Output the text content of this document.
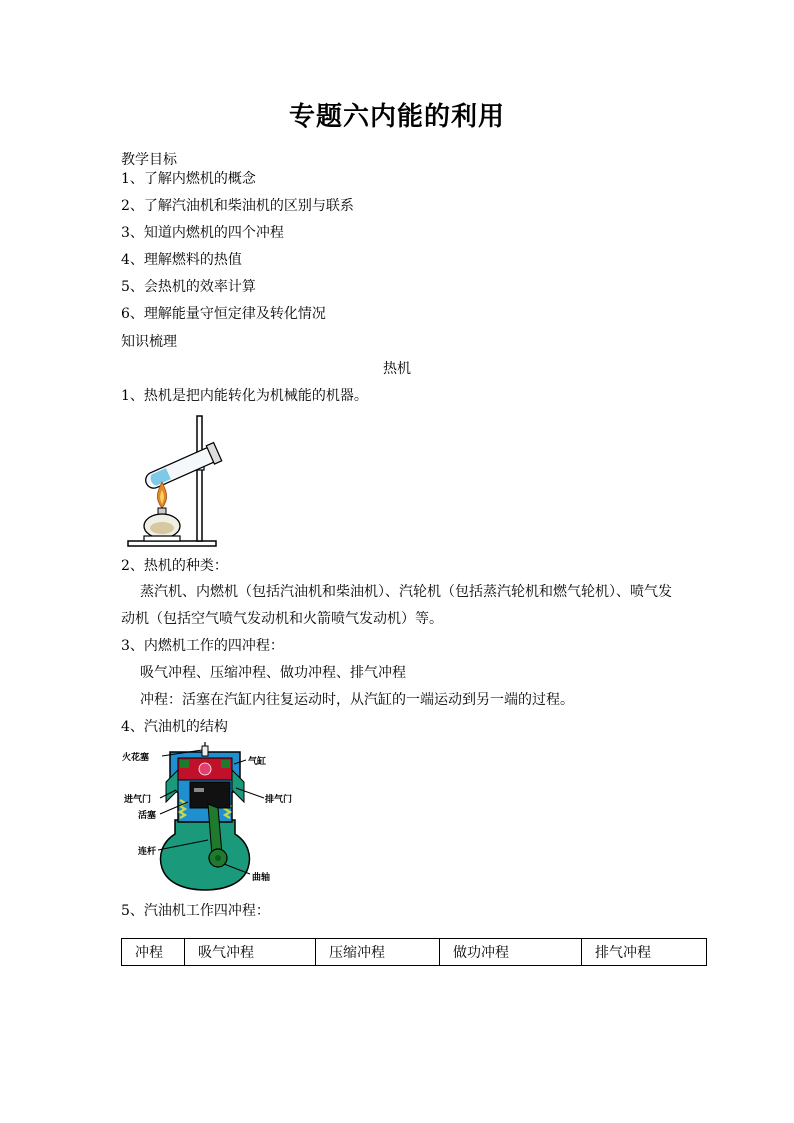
专题六内能的利用
教学目标
1、了解内燃机的概念
2、了解汽油机和柴油机的区别与联系
3、知道内燃机的四个冲程
4、理解燃料的热值
5、会热机的效率计算
6、理解能量守恒定律及转化情况
知识梳理
热机
1、热机是把内能转化为机械能的机器。
2、热机的种类：
蒸汽机、内燃机（包括汽油机和柴油机）、汽轮机（包括蒸汽轮机和燃气轮机）、喷气发
动机（包括空气喷气发动机和火箭喷气发动机）等。
3、内燃机工作的四冲程：
吸气冲程、压缩冲程、做功冲程、排气冲程
冲程：活塞在汽缸内往复运动时，从汽缸的一端运动到另一端的过程。
4、汽油机的结构
火花塞	气缸
进气门	排气门
活塞
连杆
曲轴
5、汽油机工作四冲程：
冲程	吸气冲程	压缩冲程	做功冲程	排气冲程
